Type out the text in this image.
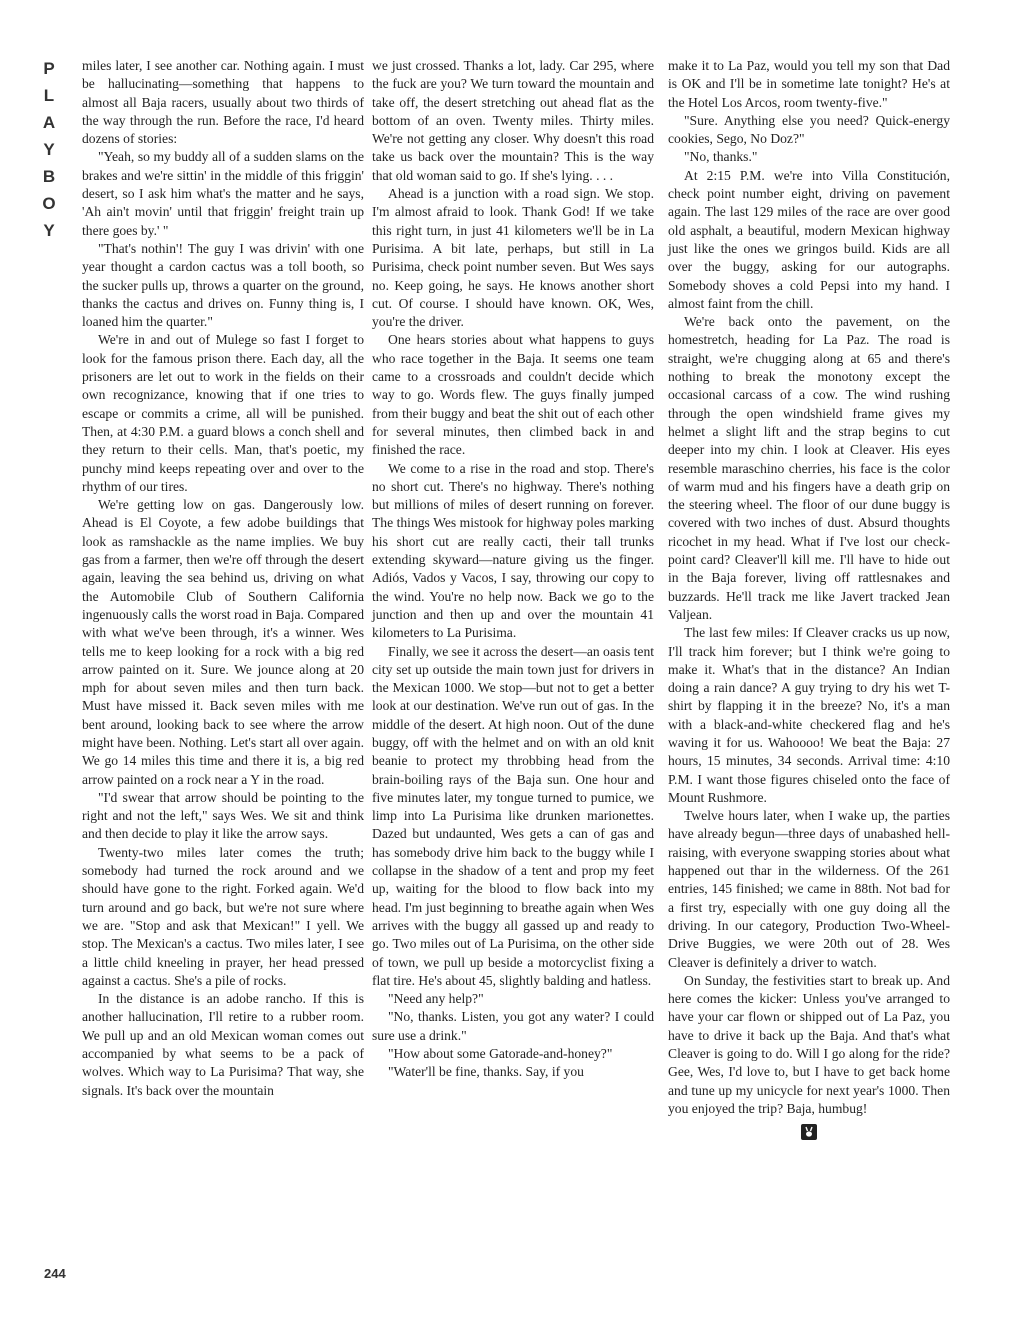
P
L
A
Y
B
O
Y

miles later, I see another car. Nothing again. I must be hallucinating—something that happens to almost all Baja racers, usually about two thirds of the way through the run. Before the race, I'd heard dozens of stories:

"Yeah, so my buddy all of a sudden slams on the brakes and we're sittin' in the middle of this friggin' desert, so I ask him what's the matter and he says, 'Ah ain't movin' until that friggin' freight train up there goes by.' "

"That's nothin'! The guy I was drivin' with one year thought a cardon cactus was a toll booth, so the sucker pulls up, throws a quarter on the ground, thanks the cactus and drives on. Funny thing is, I loaned him the quarter."

We're in and out of Mulege so fast I forget to look for the famous prison there. Each day, all the prisoners are let out to work in the fields on their own recognizance, knowing that if one tries to escape or commits a crime, all will be punished. Then, at 4:30 P.M. a guard blows a conch shell and they return to their cells. Man, that's poetic, my punchy mind keeps repeating over and over to the rhythm of our tires.

We're getting low on gas. Dangerously low. Ahead is El Coyote, a few adobe buildings that look as ramshackle as the name implies. We buy gas from a farmer, then we're off through the desert again, leaving the sea behind us, driving on what the Automobile Club of Southern California ingenuously calls the worst road in Baja. Compared with what we've been through, it's a winner. Wes tells me to keep looking for a rock with a big red arrow painted on it. Sure. We jounce along at 20 mph for about seven miles and then turn back. Must have missed it. Back seven miles with me bent around, looking back to see where the arrow might have been. Nothing. Let's start all over again. We go 14 miles this time and there it is, a big red arrow painted on a rock near a Y in the road.

"I'd swear that arrow should be pointing to the right and not the left," says Wes. We sit and think and then decide to play it like the arrow says.

Twenty-two miles later comes the truth; somebody had turned the rock around and we should have gone to the right. Forked again. We'd turn around and go back, but we're not sure where we are. "Stop and ask that Mexican!" I yell. We stop. The Mexican's a cactus. Two miles later, I see a little child kneeling in prayer, her head pressed against a cactus. She's a pile of rocks.

In the distance is an adobe rancho. If this is another hallucination, I'll retire to a rubber room. We pull up and an old Mexican woman comes out accompanied by what seems to be a pack of wolves. Which way to La Purisima? That way, she signals. It's back over the mountain

we just crossed. Thanks a lot, lady. Car 295, where the fuck are you? We turn toward the mountain and take off, the desert stretching out ahead flat as the bottom of an oven. Twenty miles. Thirty miles. We're not getting any closer. Why doesn't this road take us back over the mountain? This is the way that old woman said to go. If she's lying. . . .

Ahead is a junction with a road sign. We stop. I'm almost afraid to look. Thank God! If we take this right turn, in just 41 kilometers we'll be in La Purisima. A bit late, perhaps, but still in La Purisima, check point number seven. But Wes says no. Keep going, he says. He knows another short cut. Of course. I should have known. OK, Wes, you're the driver.

One hears stories about what happens to guys who race together in the Baja. It seems one team came to a crossroads and couldn't decide which way to go. Words flew. The guys finally jumped from their buggy and beat the shit out of each other for several minutes, then climbed back in and finished the race.

We come to a rise in the road and stop. There's no short cut. There's no highway. There's nothing but millions of miles of desert running on forever. The things Wes mistook for highway poles marking his short cut are really cacti, their tall trunks extending skyward—nature giving us the finger. Adiós, Vados y Vacos, I say, throwing our copy to the wind. You're no help now. Back we go to the junction and then up and over the mountain 41 kilometers to La Purisima.

Finally, we see it across the desert—an oasis tent city set up outside the main town just for drivers in the Mexican 1000. We stop—but not to get a better look at our destination. We've run out of gas. In the middle of the desert. At high noon. Out of the dune buggy, off with the helmet and on with an old knit beanie to protect my throbbing head from the brain-boiling rays of the Baja sun. One hour and five minutes later, my tongue turned to pumice, we limp into La Purisima like drunken marionettes. Dazed but undaunted, Wes gets a can of gas and has somebody drive him back to the buggy while I collapse in the shadow of a tent and prop my feet up, waiting for the blood to flow back into my head. I'm just beginning to breathe again when Wes arrives with the buggy all gassed up and ready to go. Two miles out of La Purisima, on the other side of town, we pull up beside a motorcyclist fixing a flat tire. He's about 45, slightly balding and hatless.

"Need any help?"

"No, thanks. Listen, you got any water? I could sure use a drink."

"How about some Gatorade-and-honey?"

"Water'll be fine, thanks. Say, if you

make it to La Paz, would you tell my son that Dad is OK and I'll be in sometime late tonight? He's at the Hotel Los Arcos, room twenty-five."

"Sure. Anything else you need? Quick-energy cookies, Sego, No Doz?"

"No, thanks."

At 2:15 P.M. we're into Villa Constitución, check point number eight, driving on pavement again. The last 129 miles of the race are over good old asphalt, a beautiful, modern Mexican highway just like the ones we gringos build. Kids are all over the buggy, asking for our autographs. Somebody shoves a cold Pepsi into my hand. I almost faint from the chill.

We're back onto the pavement, on the homestretch, heading for La Paz. The road is straight, we're chugging along at 65 and there's nothing to break the monotony except the occasional carcass of a cow. The wind rushing through the open windshield frame gives my helmet a slight lift and the strap begins to cut deeper into my chin. I look at Cleaver. His eyes resemble maraschino cherries, his face is the color of warm mud and his fingers have a death grip on the steering wheel. The floor of our dune buggy is covered with two inches of dust. Absurd thoughts ricochet in my head. What if I've lost our check-point card? Cleaver'll kill me. I'll have to hide out in the Baja forever, living off rattlesnakes and buzzards. He'll track me like Javert tracked Jean Valjean.

The last few miles: If Cleaver cracks us up now, I'll track him forever; but I think we're going to make it. What's that in the distance? An Indian doing a rain dance? A guy trying to dry his wet T-shirt by flapping it in the breeze? No, it's a man with a black-and-white checkered flag and he's waving it for us. Wahoooo! We beat the Baja: 27 hours, 15 minutes, 34 seconds. Arrival time: 4:10 P.M. I want those figures chiseled onto the face of Mount Rushmore.

Twelve hours later, when I wake up, the parties have already begun—three days of unabashed hell-raising, with everyone swapping stories about what happened out thar in the wilderness. Of the 261 entries, 145 finished; we came in 88th. Not bad for a first try, especially with one guy doing all the driving. In our category, Production Two-Wheel-Drive Buggies, we were 20th out of 28. Wes Cleaver is definitely a driver to watch.

On Sunday, the festivities start to break up. And here comes the kicker: Unless you've arranged to have your car flown or shipped out of La Paz, you have to drive it back up the Baja. And that's what Cleaver is going to do. Will I go along for the ride? Gee, Wes, I'd love to, but I have to get back home and tune up my unicycle for next year's 1000. Then you enjoyed the trip? Baja, humbug!

244
